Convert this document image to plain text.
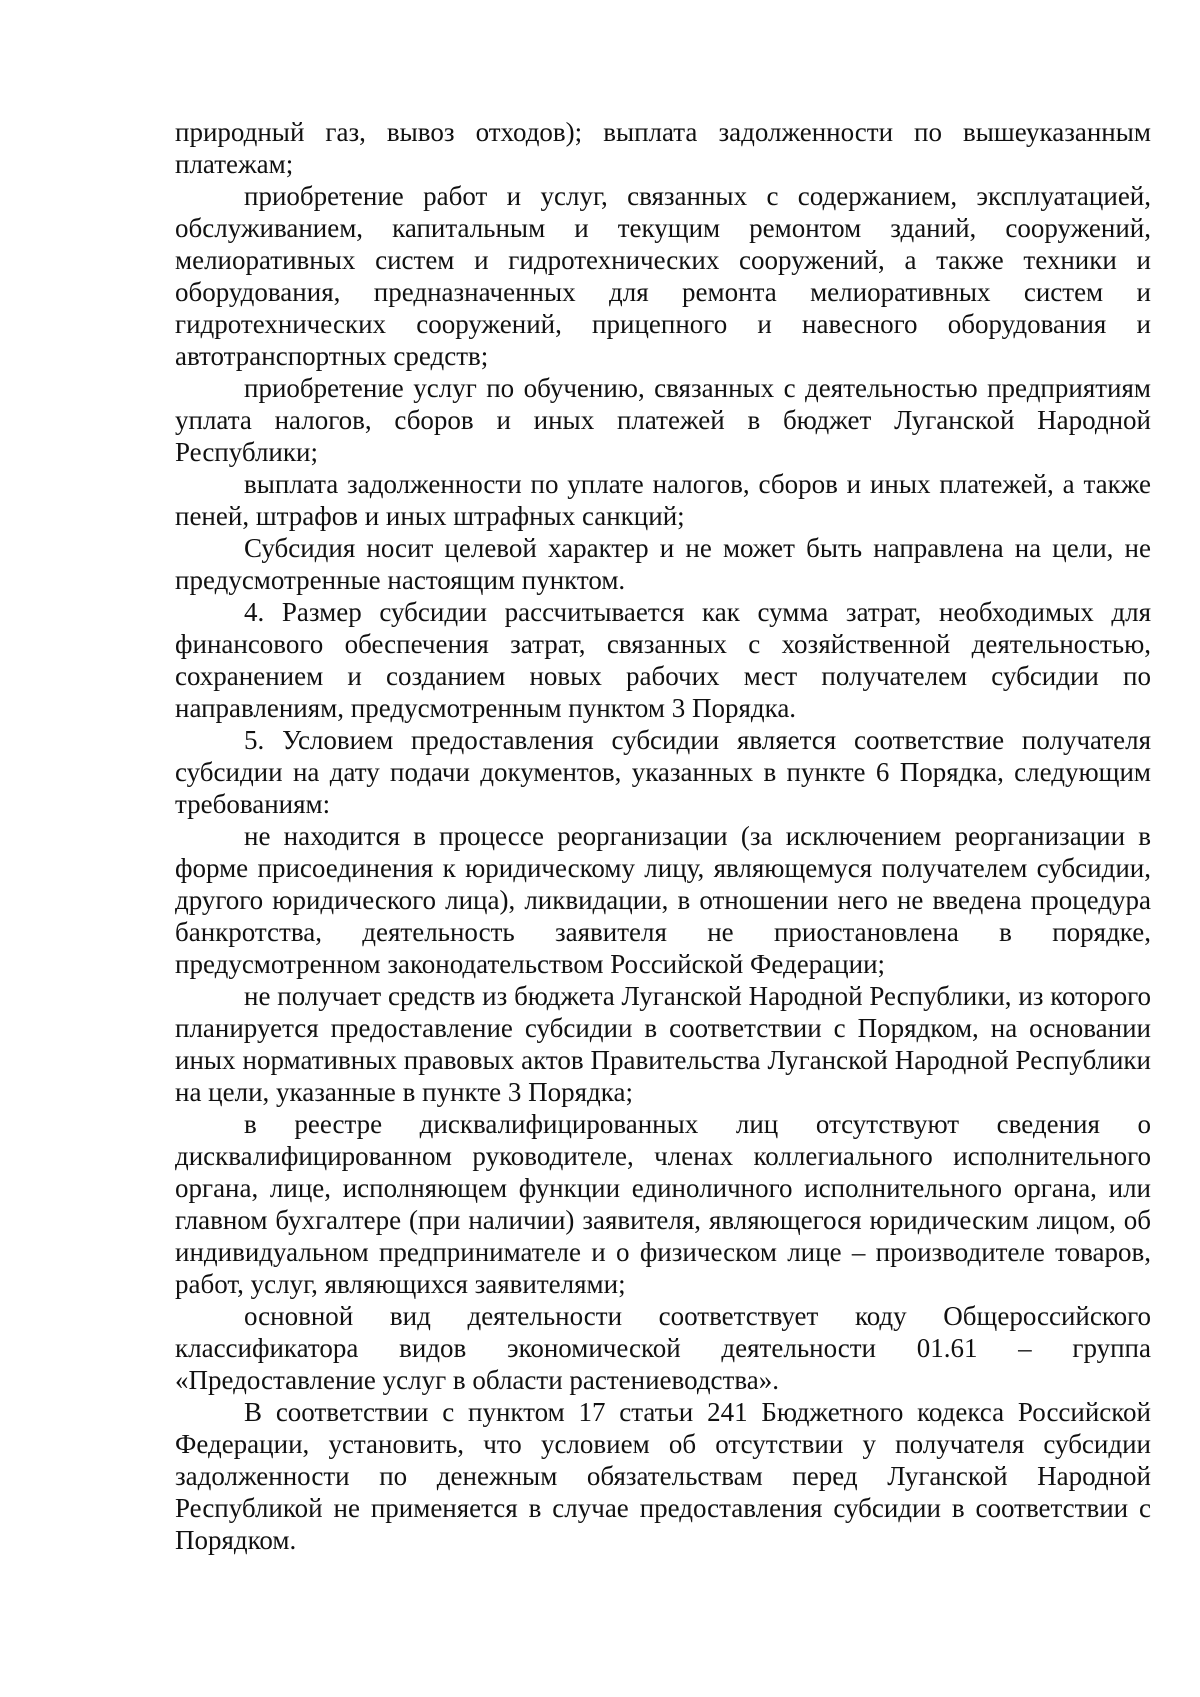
природный газ, вывоз отходов); выплата задолженности по вышеуказанным платежам;

приобретение работ и услуг, связанных с содержанием, эксплуатацией, обслуживанием, капитальным и текущим ремонтом зданий, сооружений, мелиоративных систем и гидротехнических сооружений, а также техники и оборудования, предназначенных для ремонта мелиоративных систем и гидротехнических сооружений, прицепного и навесного оборудования и автотранспортных средств;

приобретение услуг по обучению, связанных с деятельностью предприятиям уплата налогов, сборов и иных платежей в бюджет Луганской Народной Республики;

выплата задолженности по уплате налогов, сборов и иных платежей, а также пеней, штрафов и иных штрафных санкций;

Субсидия носит целевой характер и не может быть направлена на цели, не предусмотренные настоящим пунктом.

4. Размер субсидии рассчитывается как сумма затрат, необходимых для финансового обеспечения затрат, связанных с хозяйственной деятельностью, сохранением и созданием новых рабочих мест получателем субсидии по направлениям, предусмотренным пунктом 3 Порядка.

5. Условием предоставления субсидии является соответствие получателя субсидии на дату подачи документов, указанных в пункте 6 Порядка, следующим требованиям:

не находится в процессе реорганизации (за исключением реорганизации в форме присоединения к юридическому лицу, являющемуся получателем субсидии, другого юридического лица), ликвидации, в отношении него не введена процедура банкротства, деятельность заявителя не приостановлена в порядке, предусмотренном законодательством Российской Федерации;

не получает средств из бюджета Луганской Народной Республики, из которого планируется предоставление субсидии в соответствии с Порядком, на основании иных нормативных правовых актов Правительства Луганской Народной Республики на цели, указанные в пункте 3 Порядка;

в реестре дисквалифицированных лиц отсутствуют сведения о дисквалифицированном руководителе, членах коллегиального исполнительного органа, лице, исполняющем функции единоличного исполнительного органа, или главном бухгалтере (при наличии) заявителя, являющегося юридическим лицом, об индивидуальном предпринимателе и о физическом лице – производителе товаров, работ, услуг, являющихся заявителями;

основной вид деятельности соответствует коду Общероссийского классификатора видов экономической деятельности 01.61 – группа «Предоставление услуг в области растениеводства».

В соответствии с пунктом 17 статьи 241 Бюджетного кодекса Российской Федерации, установить, что условием об отсутствии у получателя субсидии задолженности по денежным обязательствам перед Луганской Народной Республикой не применяется в случае предоставления субсидии в соответствии с Порядком.
